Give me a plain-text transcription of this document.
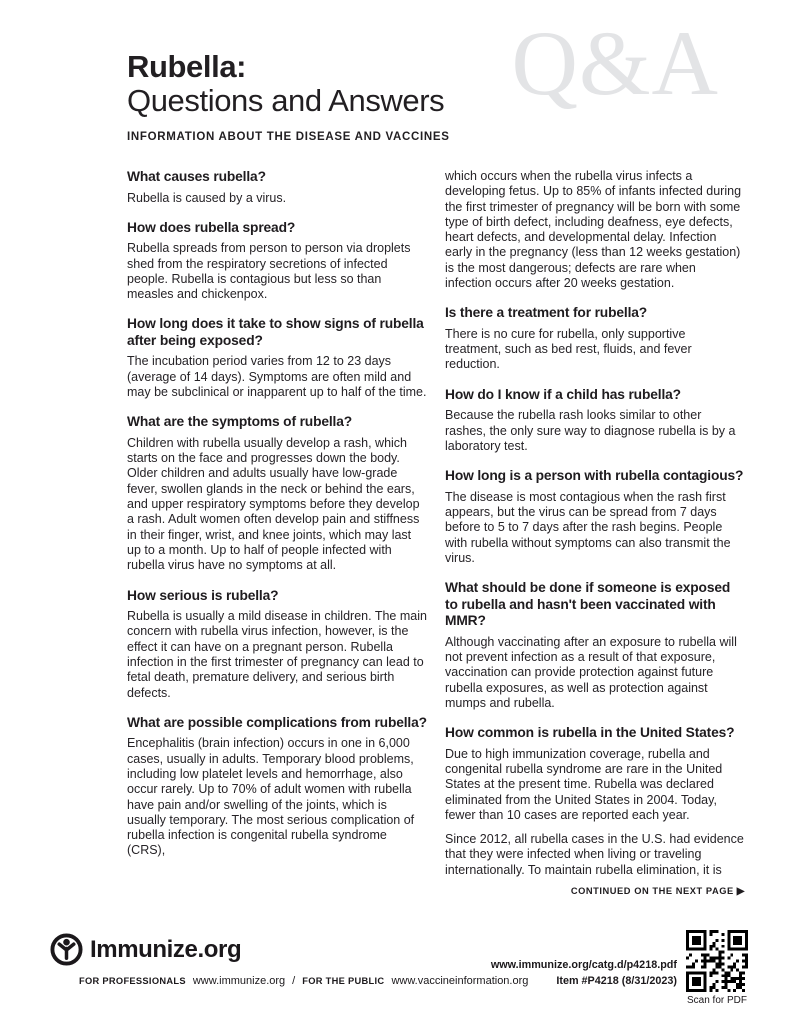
Q&A
Rubella:
Questions and Answers
INFORMATION ABOUT THE DISEASE AND VACCINES
What causes rubella?

Rubella is caused by a virus.

How does rubella spread?

Rubella spreads from person to person via droplets shed from the respiratory secretions of infected people. Rubella is contagious but less so than measles and chickenpox.

How long does it take to show signs of rubella after being exposed?

The incubation period varies from 12 to 23 days (average of 14 days). Symptoms are often mild and may be subclinical or inapparent up to half of the time.

What are the symptoms of rubella?

Children with rubella usually develop a rash, which starts on the face and progresses down the body. Older children and adults usually have low-grade fever, swollen glands in the neck or behind the ears, and upper respiratory symptoms before they develop a rash. Adult women often develop pain and stiffness in their finger, wrist, and knee joints, which may last up to a month. Up to half of people infected with rubella virus have no symptoms at all.

How serious is rubella?

Rubella is usually a mild disease in children. The main concern with rubella virus infection, however, is the effect it can have on a pregnant person. Rubella infection in the first trimester of pregnancy can lead to fetal death, premature delivery, and serious birth defects.

What are possible complications from rubella?

Encephalitis (brain infection) occurs in one in 6,000 cases, usually in adults. Temporary blood problems, including low platelet levels and hemorrhage, also occur rarely. Up to 70% of adult women with rubella have pain and/or swelling of the joints, which is usually temporary. The most serious complication of rubella infection is congenital rubella syndrome (CRS),

which occurs when the rubella virus infects a developing fetus. Up to 85% of infants infected during the first trimester of pregnancy will be born with some type of birth defect, including deafness, eye defects, heart defects, and developmental delay. Infection early in the pregnancy (less than 12 weeks gestation) is the most dangerous; defects are rare when infection occurs after 20 weeks gestation.

Is there a treatment for rubella?

There is no cure for rubella, only supportive treatment, such as bed rest, fluids, and fever reduction.

How do I know if a child has rubella?

Because the rubella rash looks similar to other rashes, the only sure way to diagnose rubella is by a laboratory test.

How long is a person with rubella contagious?

The disease is most contagious when the rash first appears, but the virus can be spread from 7 days before to 5 to 7 days after the rash begins. People with rubella without symptoms can also transmit the virus.

What should be done if someone is exposed to rubella and hasn't been vaccinated with MMR?

Although vaccinating after an exposure to rubella will not prevent infection as a result of that exposure, vaccination can provide protection against future rubella exposures, as well as protection against mumps and rubella.

How common is rubella in the United States?

Due to high immunization coverage, rubella and congenital rubella syndrome are rare in the United States at the present time. Rubella was declared eliminated from the United States in 2004. Today, fewer than 10 cases are reported each year.

Since 2012, all rubella cases in the U.S. had evidence that they were infected when living or traveling internationally. To maintain rubella elimination, it is

CONTINUED ON THE NEXT PAGE ▶
Immunize.org
FOR PROFESSIONALS www.immunize.org / FOR THE PUBLIC www.vaccineinformation.org
www.immunize.org/catg.d/p4218.pdf
Item #P4218 (8/31/2023)
Scan for PDF
